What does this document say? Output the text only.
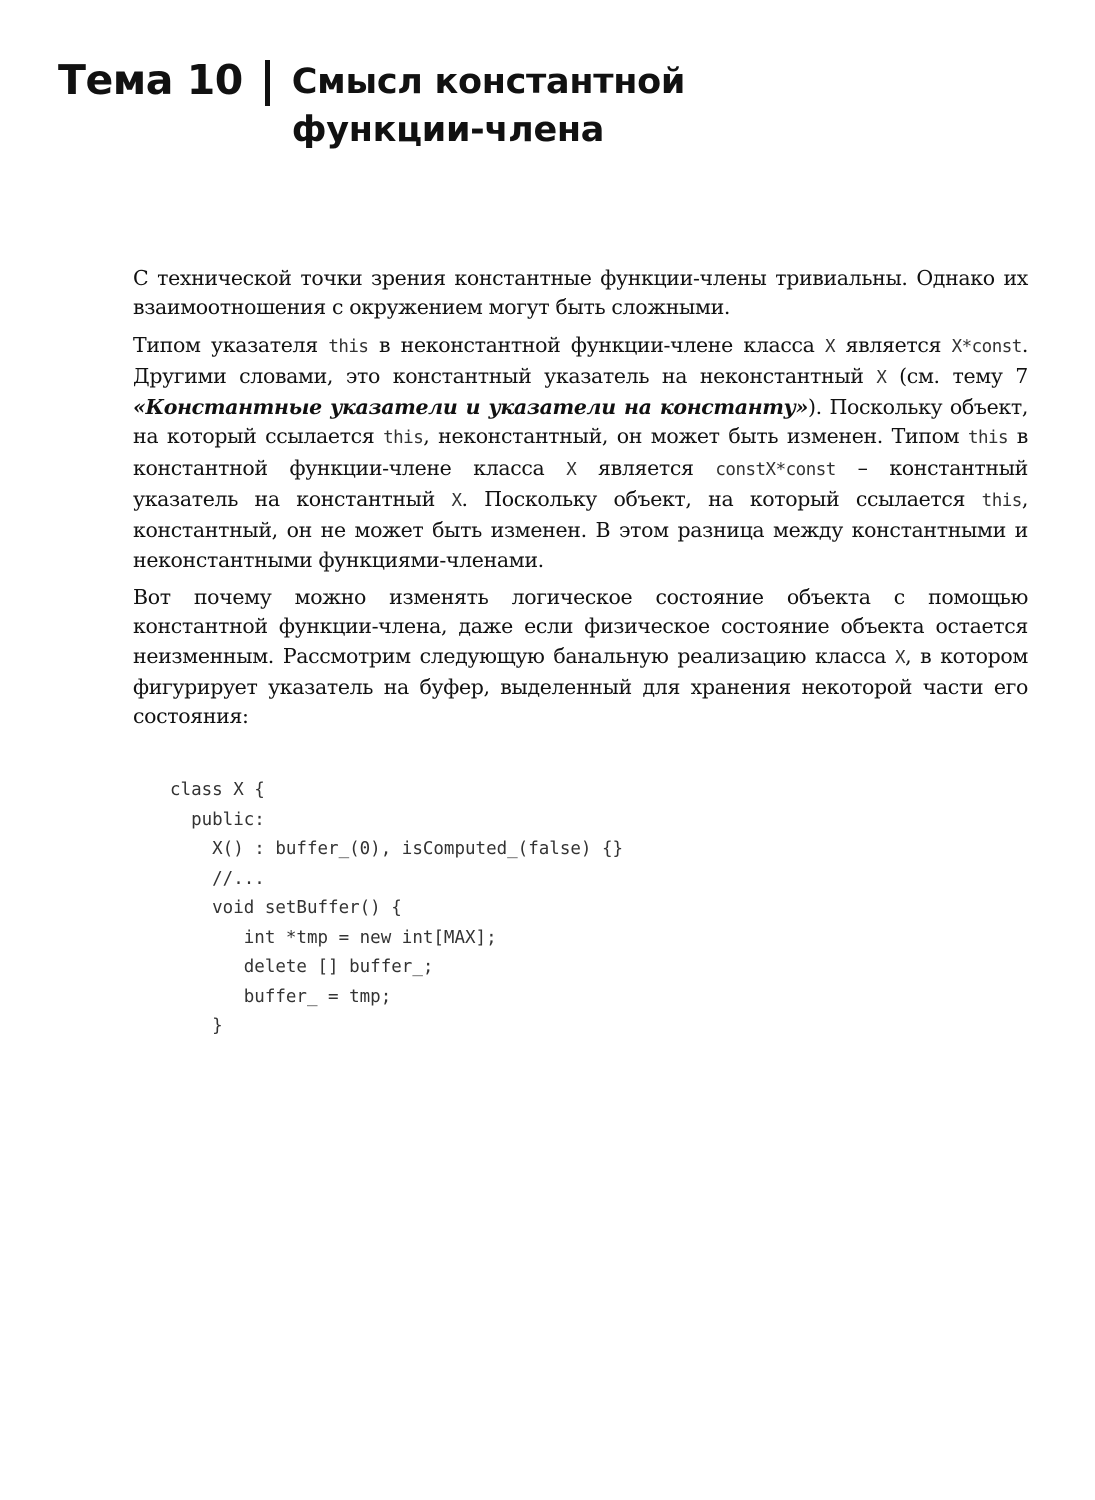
Тема 10 Смысл константной
функции-члена

С технической точки зрения константные функции-члены тривиальны. Однако их взаимоотношения с окружением могут быть сложными.

Типом указателя this в неконстантной функции-члене класса X является X*const. Другими словами, это константный указатель на неконстантный X (см. тему 7 «Константные указатели и указатели на константу»). Поскольку объект, на который ссылается this, неконстантный, он может быть изменен. Типом this в константной функции-члене класса X является constX*const – константный указатель на константный X. Поскольку объект, на который ссылается this, константный, он не может быть изменен. В этом разница между константными и неконстантными функциями-членами.

Вот почему можно изменять логическое состояние объекта с помощью константной функции-члена, даже если физическое состояние объекта остается неизменным. Рассмотрим следующую банальную реализацию класса X, в котором фигурирует указатель на буфер, выделенный для хранения некоторой части его состояния:

class X {
public:
X() : buffer_(0), isComputed_(false) {}
//...
void setBuffer() {
int *tmp = new int[MAX];
delete [] buffer_;
buffer_ = tmp;
}
